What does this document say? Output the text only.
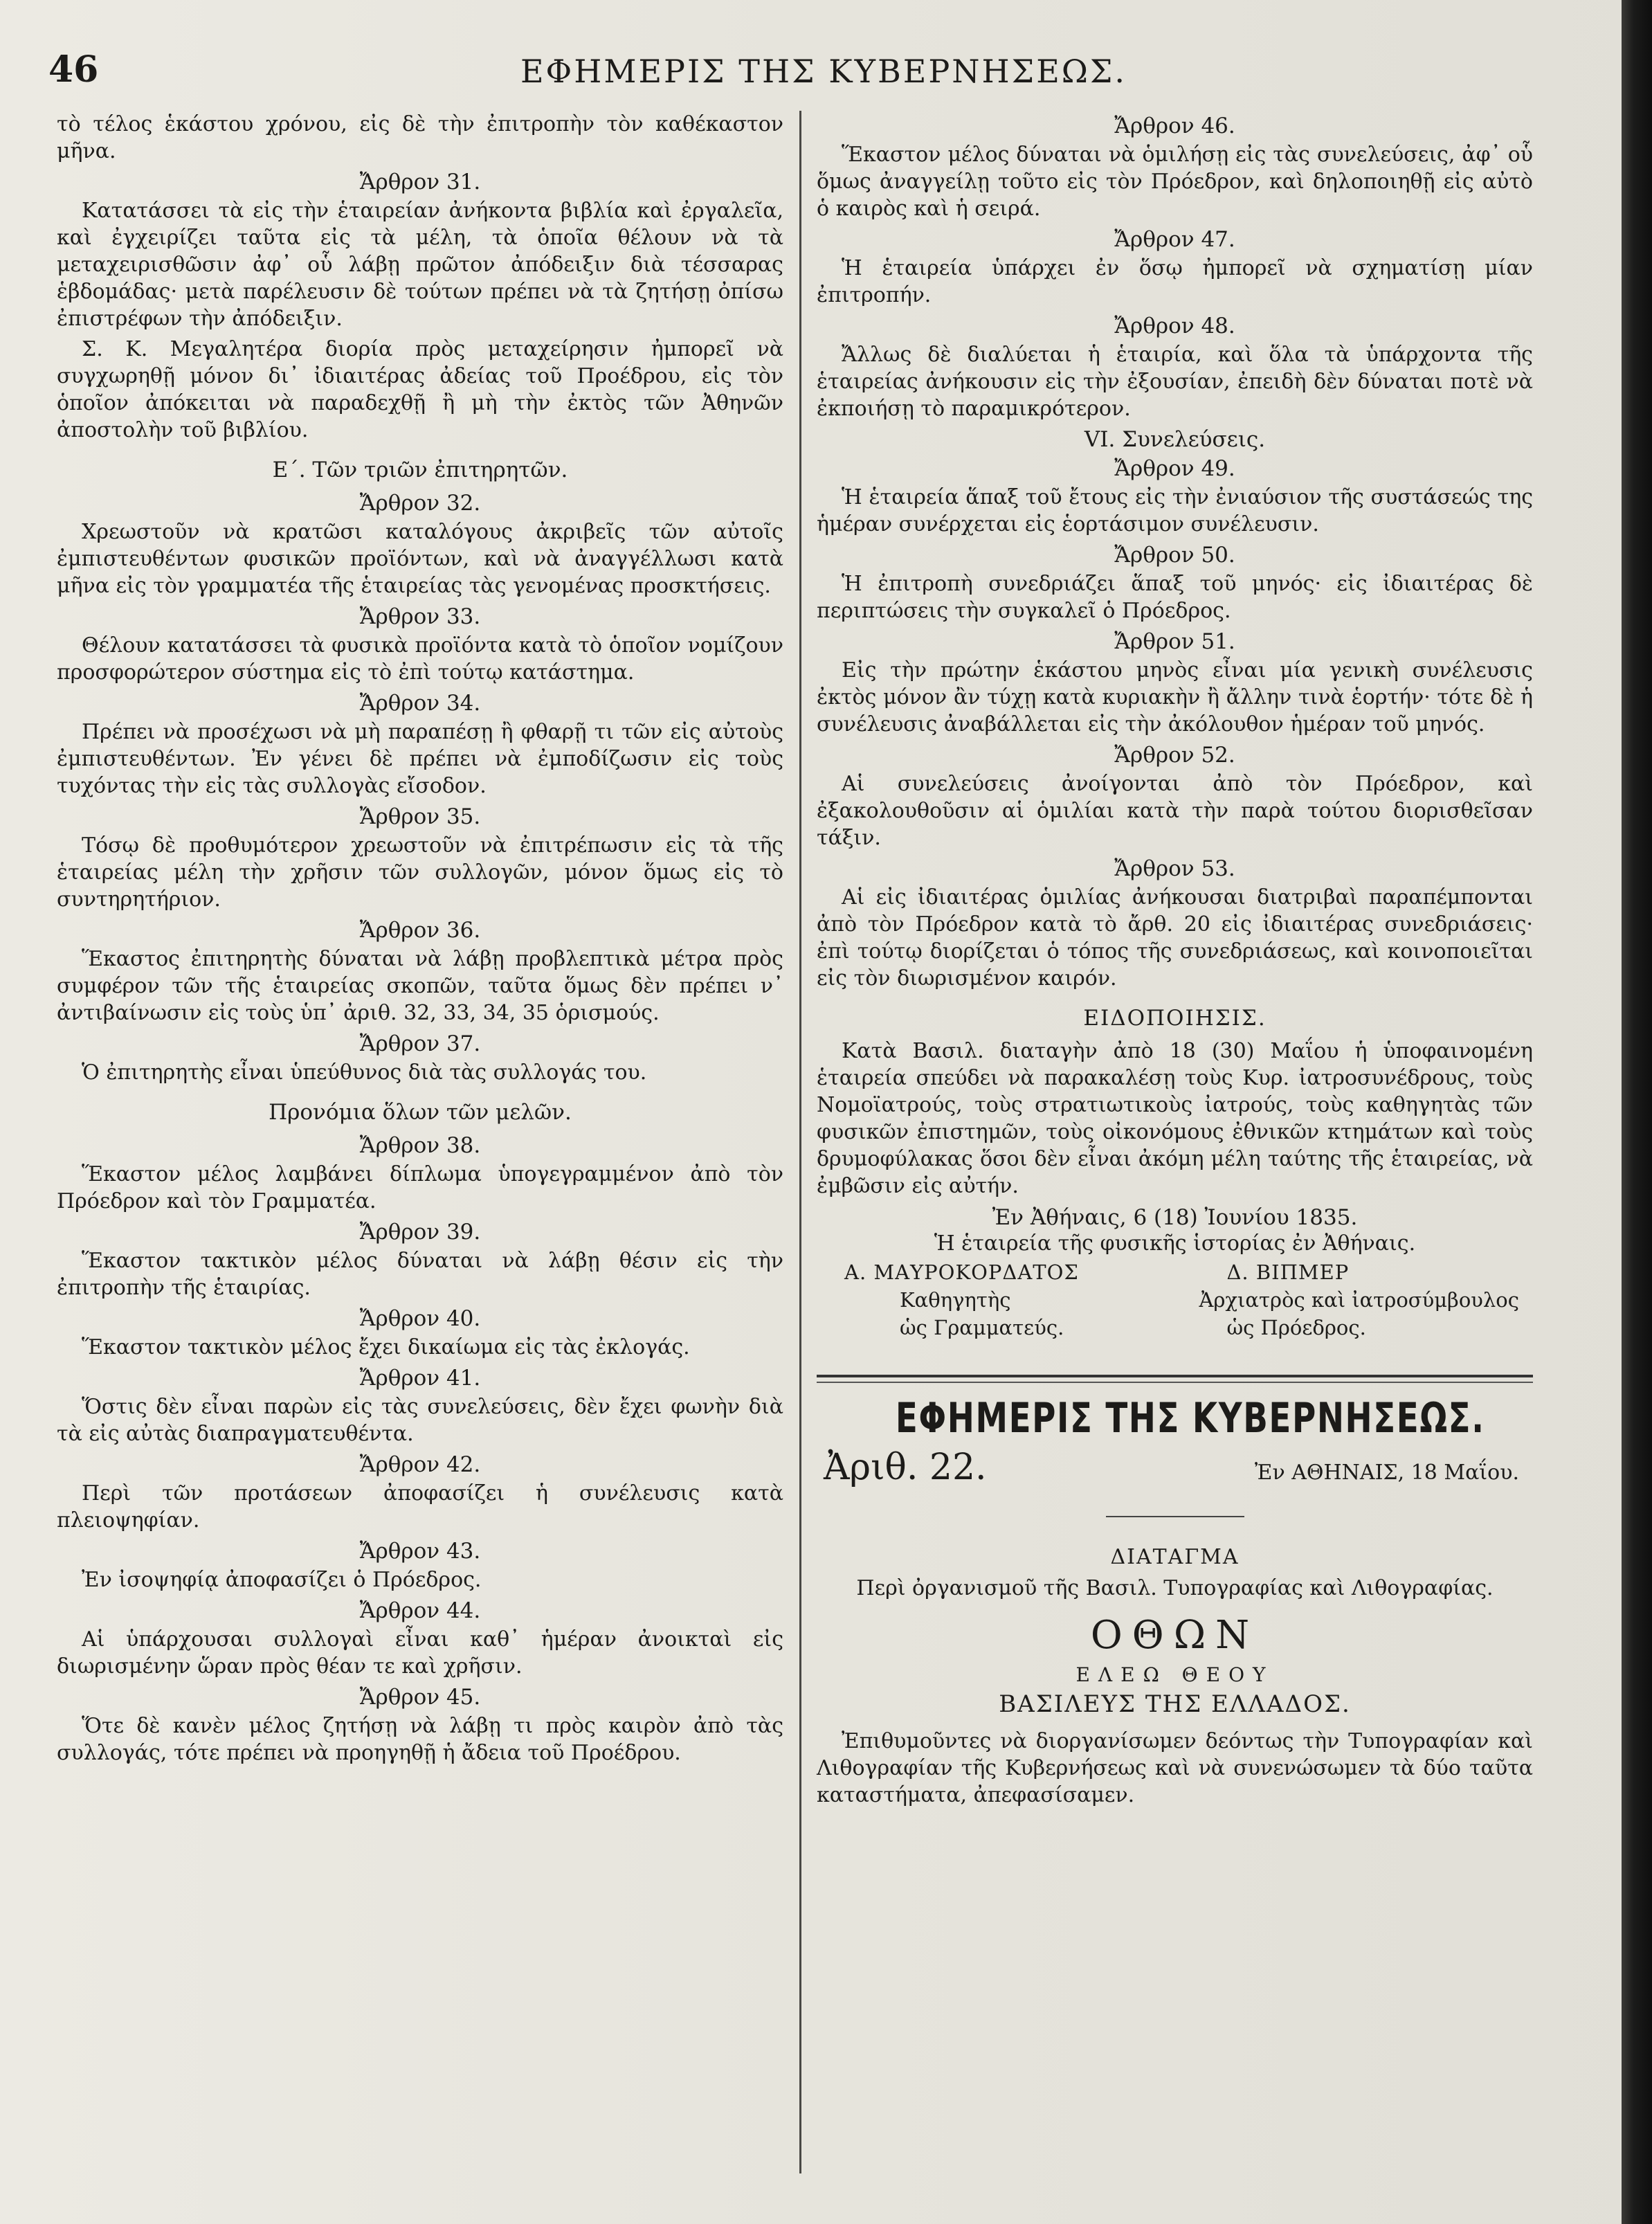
46	ΕΦΗΜΕΡΙΣ ΤΗΣ ΚΥΒΕΡΝΗΣΕΩΣ.

τὸ τέλος ἑκάστου χρόνου, εἰς δὲ τὴν ἐπιτροπὴν τὸν καθέκαστον μῆνα.

Ἄρθρον 31.

Κατατάσσει τὰ εἰς τὴν ἑταιρείαν ἀνήκοντα βιβλία καὶ ἐργαλεῖα, καὶ ἐγχειρίζει ταῦτα εἰς τὰ μέλη, τὰ ὁποῖα θέλουν νὰ τὰ μεταχειρισθῶσιν ἀφ᾿ οὗ λάβῃ πρῶτον ἀπόδειξιν διὰ τέσσαρας ἑβδομάδας· μετὰ παρέλευσιν δὲ τούτων πρέπει νὰ τὰ ζητήσῃ ὀπίσω ἐπιστρέφων τὴν ἀπόδειξιν.

Σ. Κ. Μεγαλητέρα διορία πρὸς μεταχείρησιν ἠμπορεῖ νὰ συγχωρηθῇ μόνον δι᾿ ἰδιαιτέρας ἀδείας τοῦ Προέδρου, εἰς τὸν ὁποῖον ἀπόκειται νὰ παραδεχθῇ ἢ μὴ τὴν ἐκτὸς τῶν Ἀθηνῶν ἀποστολὴν τοῦ βιβλίου.

Ε΄. Τῶν τριῶν ἐπιτηρητῶν.
Ἄρθρον 32.

Χρεωστοῦν νὰ κρατῶσι καταλόγους ἀκριβεῖς τῶν αὐτοῖς ἐμπιστευθέντων φυσικῶν προϊόντων, καὶ νὰ ἀναγγέλλωσι κατὰ μῆνα εἰς τὸν γραμματέα τῆς ἑταιρείας τὰς γενομένας προσκτήσεις.

Ἄρθρον 33.

Θέλουν κατατάσσει τὰ φυσικὰ προϊόντα κατὰ τὸ ὁποῖον νομίζουν προσφορώτερον σύστημα εἰς τὸ ἐπὶ τούτῳ κατάστημα.

Ἄρθρον 34.

Πρέπει νὰ προσέχωσι νὰ μὴ παραπέσῃ ἢ φθαρῇ τι τῶν εἰς αὐτοὺς ἐμπιστευθέντων. Ἐν γένει δὲ πρέπει νὰ ἐμποδίζωσιν εἰς τοὺς τυχόντας τὴν εἰς τὰς συλλογὰς εἴσοδον.

Ἄρθρον 35.

Τόσῳ δὲ προθυμότερον χρεωστοῦν νὰ ἐπιτρέπωσιν εἰς τὰ τῆς ἑταιρείας μέλη τὴν χρῆσιν τῶν συλλογῶν, μόνον ὅμως εἰς τὸ συντηρητήριον.

Ἄρθρον 36.

Ἕκαστος ἐπιτηρητὴς δύναται νὰ λάβῃ προβλεπτικὰ μέτρα πρὸς συμφέρον τῶν τῆς ἑταιρείας σκοπῶν, ταῦτα ὅμως δὲν πρέπει ν᾿ ἀντιβαίνωσιν εἰς τοὺς ὑπ᾿ ἀριθ. 32, 33, 34, 35 ὁρισμούς.

Ἄρθρον 37.

Ὁ ἐπιτηρητὴς εἶναι ὑπεύθυνος διὰ τὰς συλλογάς του.

Προνόμια ὅλων τῶν μελῶν.
Ἄρθρον 38.

Ἕκαστον μέλος λαμβάνει δίπλωμα ὑπογεγραμμένον ἀπὸ τὸν Πρόεδρον καὶ τὸν Γραμματέα.

Ἄρθρον 39.

Ἕκαστον τακτικὸν μέλος δύναται νὰ λάβῃ θέσιν εἰς τὴν ἐπιτροπὴν τῆς ἑταιρίας.

Ἄρθρον 40.

Ἕκαστον τακτικὸν μέλος ἔχει δικαίωμα εἰς τὰς ἐκλογάς.

Ἄρθρον 41.

Ὅστις δὲν εἶναι παρὼν εἰς τὰς συνελεύσεις, δὲν ἔχει φωνὴν διὰ τὰ εἰς αὐτὰς διαπραγματευθέντα.

Ἄρθρον 42.

Περὶ τῶν προτάσεων ἀποφασίζει ἡ συνέλευσις κατὰ πλειοψηφίαν.

Ἄρθρον 43.

Ἐν ἰσοψηφίᾳ ἀποφασίζει ὁ Πρόεδρος.

Ἄρθρον 44.

Αἱ ὑπάρχουσαι συλλογαὶ εἶναι καθ᾿ ἡμέραν ἀνοικταὶ εἰς διωρισμένην ὥραν πρὸς θέαν τε καὶ χρῆσιν.

Ἄρθρον 45.

Ὅτε δὲ κανὲν μέλος ζητήσῃ νὰ λάβῃ τι πρὸς καιρὸν ἀπὸ τὰς συλλογάς, τότε πρέπει νὰ προηγηθῇ ἡ ἄδεια τοῦ Προέδρου.

Ἄρθρον 46.

Ἕκαστον μέλος δύναται νὰ ὁμιλήσῃ εἰς τὰς συνελεύσεις, ἀφ᾿ οὗ ὅμως ἀναγγείλῃ τοῦτο εἰς τὸν Πρόεδρον, καὶ δηλοποιηθῇ εἰς αὐτὸ ὁ καιρὸς καὶ ἡ σειρά.

Ἄρθρον 47.

Ἡ ἑταιρεία ὑπάρχει ἐν ὅσῳ ἠμπορεῖ νὰ σχηματίσῃ μίαν ἐπιτροπήν.

Ἄρθρον 48.

Ἄλλως δὲ διαλύεται ἡ ἑταιρία, καὶ ὅλα τὰ ὑπάρχοντα τῆς ἑταιρείας ἀνήκουσιν εἰς τὴν ἐξουσίαν, ἐπειδὴ δὲν δύναται ποτὲ νὰ ἐκποιήσῃ τὸ παραμικρότερον.

VI. Συνελεύσεις.
Ἄρθρον 49.

Ἡ ἑταιρεία ἅπαξ τοῦ ἔτους εἰς τὴν ἐνιαύσιον τῆς συστάσεώς της ἡμέραν συνέρχεται εἰς ἑορτάσιμον συνέλευσιν.

Ἄρθρον 50.

Ἡ ἐπιτροπὴ συνεδριάζει ἅπαξ τοῦ μηνός· εἰς ἰδιαιτέρας δὲ περιπτώσεις τὴν συγκαλεῖ ὁ Πρόεδρος.

Ἄρθρον 51.

Εἰς τὴν πρώτην ἑκάστου μηνὸς εἶναι μία γενικὴ συνέλευσις ἐκτὸς μόνον ἂν τύχῃ κατὰ κυριακὴν ἢ ἄλλην τινὰ ἑορτήν· τότε δὲ ἡ συνέλευσις ἀναβάλλεται εἰς τὴν ἀκόλουθον ἡμέραν τοῦ μηνός.

Ἄρθρον 52.

Αἱ συνελεύσεις ἀνοίγονται ἀπὸ τὸν Πρόεδρον, καὶ ἐξακολουθοῦσιν αἱ ὁμιλίαι κατὰ τὴν παρὰ τούτου διορισθεῖσαν τάξιν.

Ἄρθρον 53.

Αἱ εἰς ἰδιαιτέρας ὁμιλίας ἀνήκουσαι διατριβαὶ παραπέμπονται ἀπὸ τὸν Πρόεδρον κατὰ τὸ ἄρθ. 20 εἰς ἰδιαιτέρας συνεδριάσεις· ἐπὶ τούτῳ διορίζεται ὁ τόπος τῆς συνεδριάσεως, καὶ κοινοποιεῖται εἰς τὸν διωρισμένον καιρόν.

ΕΙΔΟΠΟΙΗΣΙΣ.

Κατὰ Βασιλ. διαταγὴν ἀπὸ 18 (30) Μαΐου ἡ ὑποφαινομένη ἑταιρεία σπεύδει νὰ παρακαλέσῃ τοὺς Κυρ. ἰατροσυνέδρους, τοὺς Νομοϊατρούς, τοὺς στρατιωτικοὺς ἰατρούς, τοὺς καθηγητὰς τῶν φυσικῶν ἐπιστημῶν, τοὺς οἰκονόμους ἐθνικῶν κτημάτων καὶ τοὺς δρυμοφύλακας ὅσοι δὲν εἶναι ἀκόμη μέλη ταύτης τῆς ἑταιρείας, νὰ ἐμβῶσιν εἰς αὐτήν.

Ἐν Ἀθήναις, 6 (18) Ἰουνίου 1835.
Ἡ ἑταιρεία τῆς φυσικῆς ἱστορίας ἐν Ἀθήναις.
Α. ΜΑΥΡΟΚΟΡΔΑΤΟΣ
Καθηγητὴς
ὡς Γραμματεύς.
Δ. ΒΙΠΜΕΡ
Ἀρχιατρὸς καὶ ἰατροσύμβουλος
ὡς Πρόεδρος.
ΕΦΗΜΕΡΙΣ ΤΗΣ ΚΥΒΕΡΝΗΣΕΩΣ.
Ἀριθ. 22.	Ἐν ΑΘΗΝΑΙΣ, 18 Μαΐου.
ΔΙΑΤΑΓΜΑ
Περὶ ὀργανισμοῦ τῆς Βασιλ. Τυπογραφίας καὶ Λιθογραφίας.
ΟΘΩΝ
ΕΛΕΩ ΘΕΟΥ
ΒΑΣΙΛΕΥΣ ΤΗΣ ΕΛΛΑΔΟΣ.

Ἐπιθυμοῦντες νὰ διοργανίσωμεν δεόντως τὴν Τυπογραφίαν καὶ Λιθογραφίαν τῆς Κυβερνήσεως καὶ νὰ συνενώσωμεν τὰ δύο ταῦτα καταστήματα, ἀπεφασίσαμεν.
